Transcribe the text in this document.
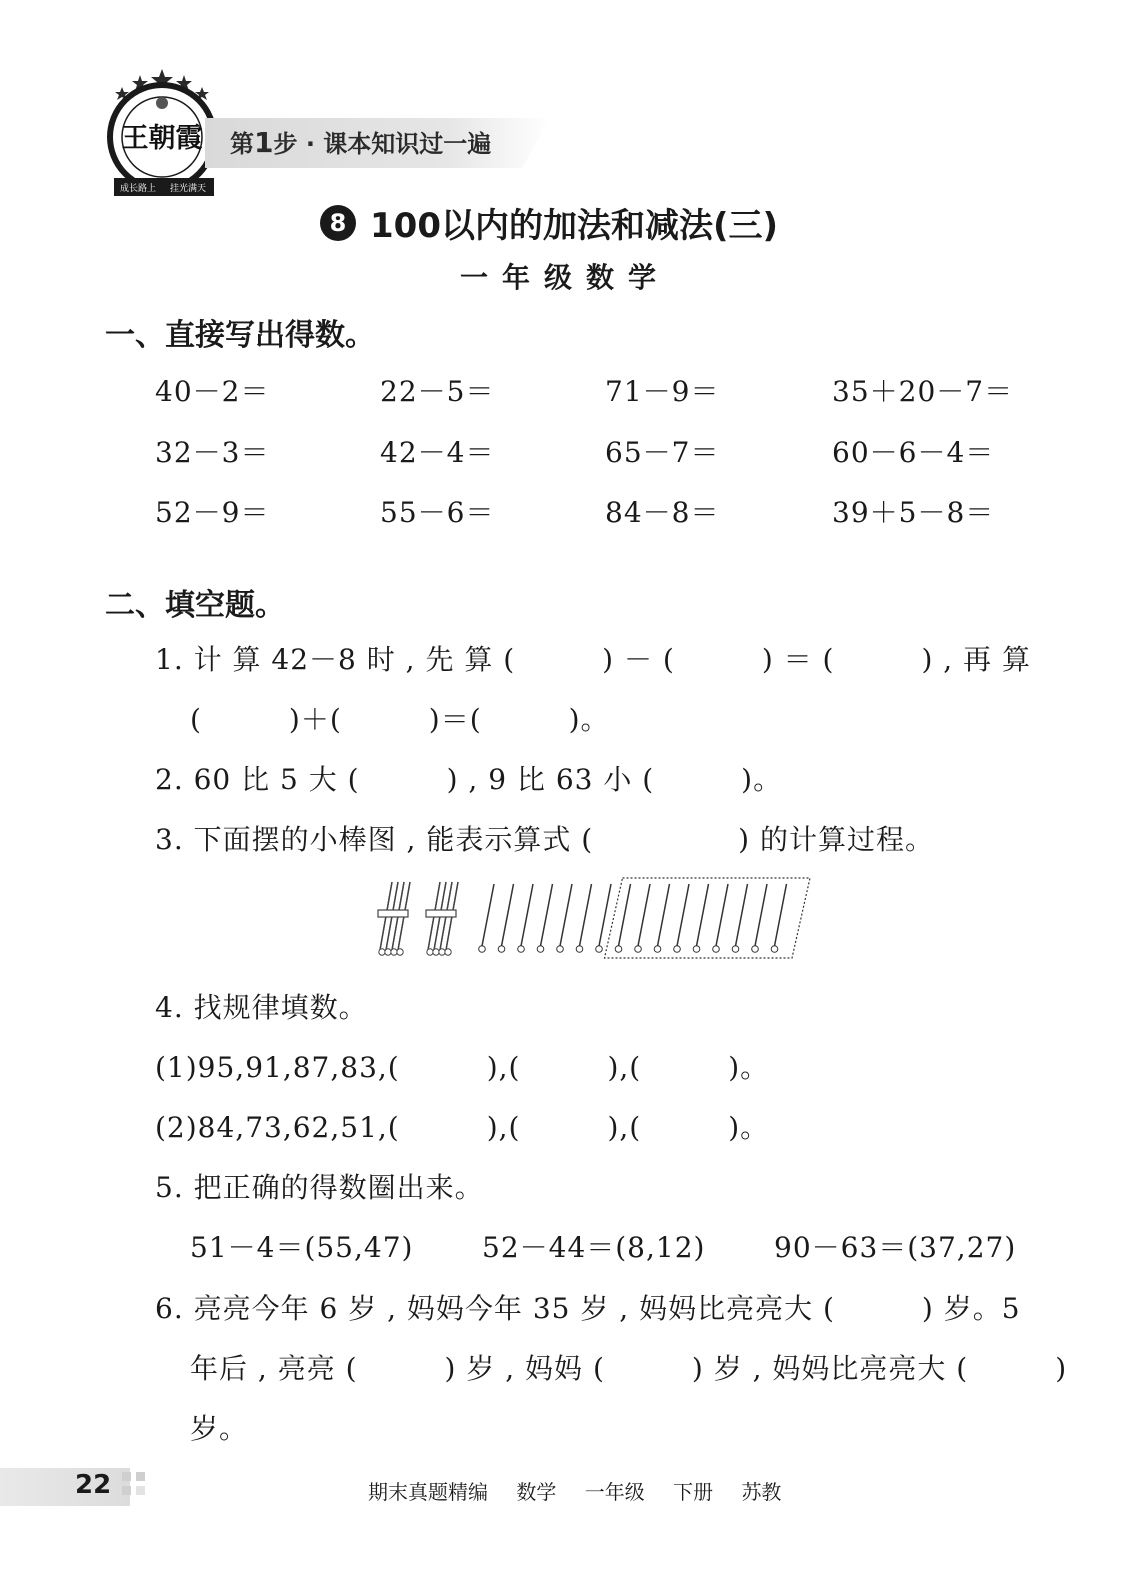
王朝霞
成长路上 挂光满天
第1步 · 课本知识过一遍
8 100以内的加法和减法(三)
一年级数学
一、直接写出得数。
40－2＝	22－5＝	71－9＝	35＋20－7＝
32－3＝	42－4＝	65－7＝	60－6－4＝
52－9＝	55－6＝	84－8＝	39＋5－8＝
二、填空题。
1. 计 算 42－8 时 , 先 算 (　　　) － (　　　) ＝ (　　　) , 再 算
(　　　)＋(　　　)＝(　　　)。
2. 60 比 5 大 (　　　) , 9 比 63 小 (　　　)。
3. 下面摆的小棒图 , 能表示算式 (　　　　　) 的计算过程。
4. 找规律填数。
(1)95,91,87,83,(　　　),(　　　),(　　　)。
(2)84,73,62,51,(　　　),(　　　),(　　　)。
5. 把正确的得数圈出来。
51－4＝(55,47) 52－44＝(8,12) 90－63＝(37,27)
6. 亮亮今年 6 岁 , 妈妈今年 35 岁 , 妈妈比亮亮大 (　　　) 岁。5
年后 , 亮亮 (　　　) 岁 , 妈妈 (　　　) 岁 , 妈妈比亮亮大 (　　　)
岁。
22	期末真题精编 数学 一年级 下册 苏教
